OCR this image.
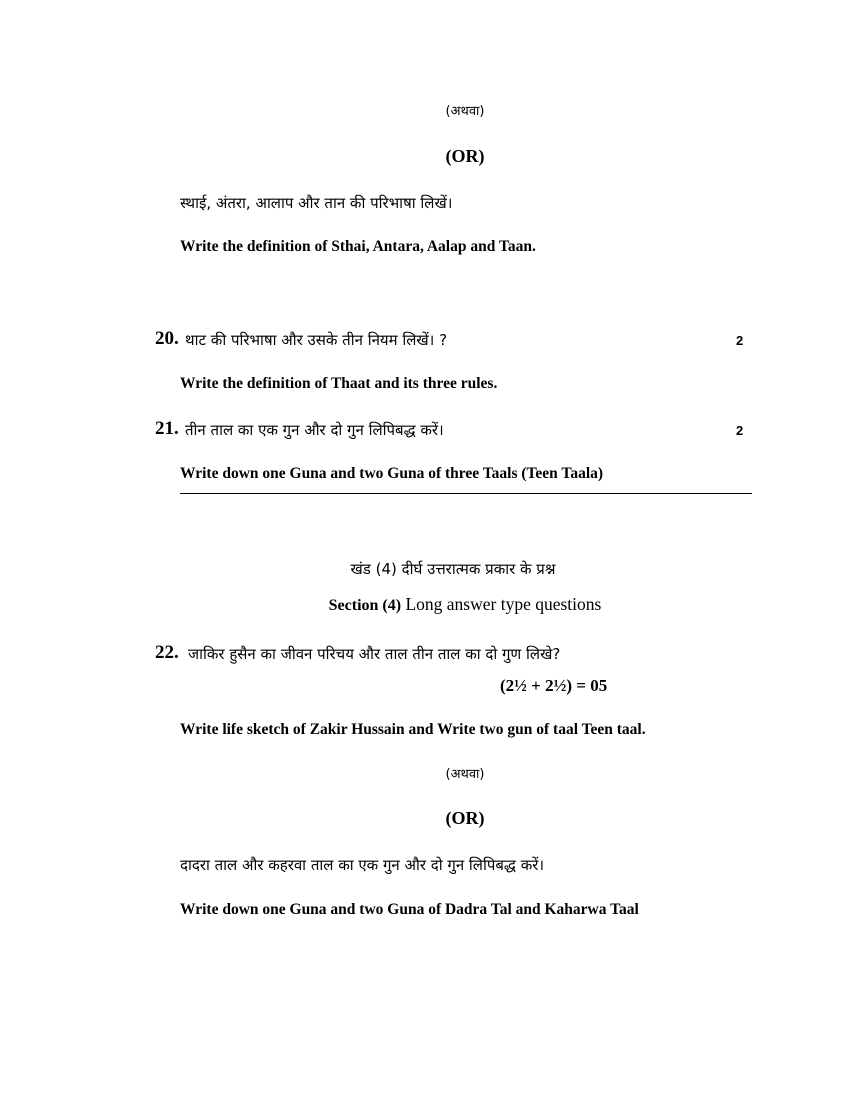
(अथवा)
(OR)
स्थाई, अंतरा, आलाप और तान की परिभाषा लिखें।
Write the definition of Sthai, Antara, Aalap and Taan.
20. थाट की परिभाषा और उसके तीन नियम लिखें। ?	2
Write the definition of Thaat and its three rules.
21. तीन ताल का एक गुन और दो गुन लिपिबद्ध करें।	2
Write down one Guna and two Guna of three Taals (Teen Taala)
खंड (4) दीर्घ उत्तरात्मक प्रकार के प्रश्न
Section (4) Long answer type questions
22. जाकिर हुसैन का जीवन परिचय और ताल तीन ताल का दो गुण लिखे?
(2½ + 2½) = 05
Write life sketch of Zakir Hussain and Write two gun of taal Teen taal.
(अथवा)
(OR)
दादरा ताल और कहरवा ताल का एक गुन और दो गुन लिपिबद्ध करें।
Write down one Guna and two Guna of Dadra Tal and Kaharwa Taal
